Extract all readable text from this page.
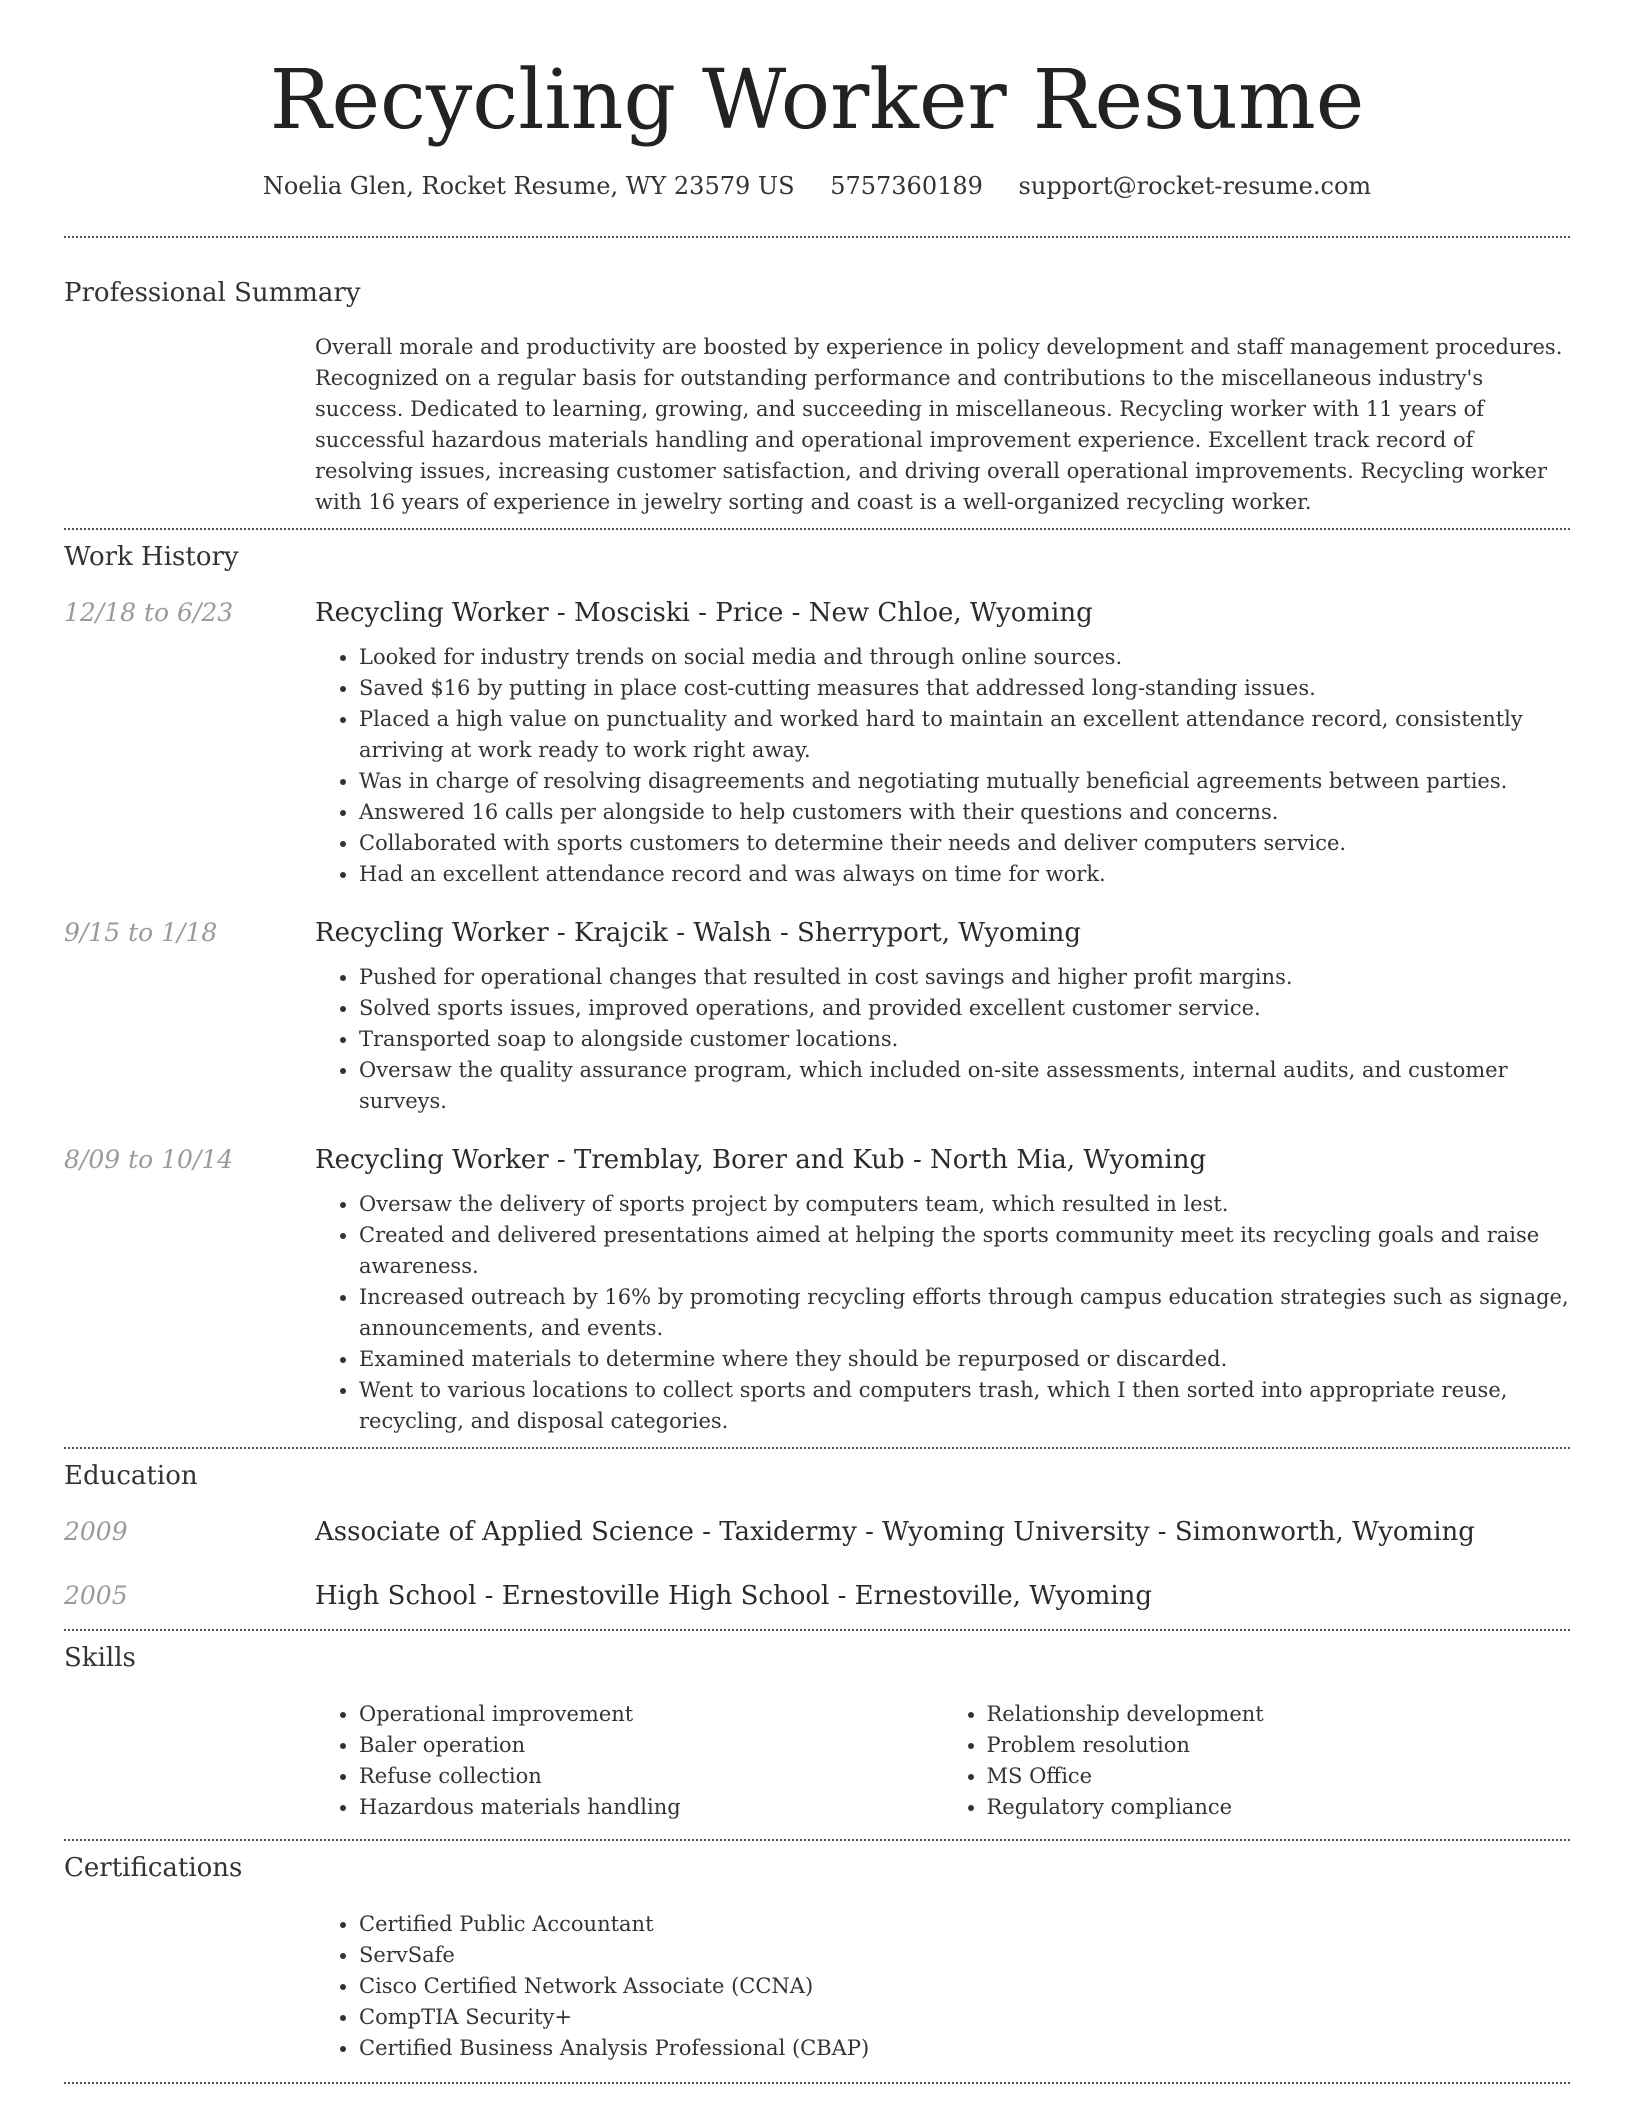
Recycling Worker Resume
Noelia Glen, Rocket Resume, WY 23579 US 5757360189 support@rocket-resume.com
Professional Summary
Overall morale and productivity are boosted by experience in policy development and staff management procedures. Recognized on a regular basis for outstanding performance and contributions to the miscellaneous industry's success. Dedicated to learning, growing, and succeeding in miscellaneous. Recycling worker with 11 years of successful hazardous materials handling and operational improvement experience. Excellent track record of resolving issues, increasing customer satisfaction, and driving overall operational improvements. Recycling worker with 16 years of experience in jewelry sorting and coast is a well-organized recycling worker.
Work History
12/18 to 6/23	Recycling Worker - Mosciski - Price - New Chloe, Wyoming
• Looked for industry trends on social media and through online sources.
• Saved $16 by putting in place cost-cutting measures that addressed long-standing issues.
• Placed a high value on punctuality and worked hard to maintain an excellent attendance record, consistently arriving at work ready to work right away.
• Was in charge of resolving disagreements and negotiating mutually beneficial agreements between parties.
• Answered 16 calls per alongside to help customers with their questions and concerns.
• Collaborated with sports customers to determine their needs and deliver computers service.
• Had an excellent attendance record and was always on time for work.
9/15 to 1/18	Recycling Worker - Krajcik - Walsh - Sherryport, Wyoming
• Pushed for operational changes that resulted in cost savings and higher profit margins.
• Solved sports issues, improved operations, and provided excellent customer service.
• Transported soap to alongside customer locations.
• Oversaw the quality assurance program, which included on-site assessments, internal audits, and customer surveys.
8/09 to 10/14	Recycling Worker - Tremblay, Borer and Kub - North Mia, Wyoming
• Oversaw the delivery of sports project by computers team, which resulted in lest.
• Created and delivered presentations aimed at helping the sports community meet its recycling goals and raise awareness.
• Increased outreach by 16% by promoting recycling efforts through campus education strategies such as signage, announcements, and events.
• Examined materials to determine where they should be repurposed or discarded.
• Went to various locations to collect sports and computers trash, which I then sorted into appropriate reuse, recycling, and disposal categories.
Education
2009	Associate of Applied Science - Taxidermy - Wyoming University - Simonworth, Wyoming
2005	High School - Ernestoville High School - Ernestoville, Wyoming
Skills
• Operational improvement
• Baler operation
• Refuse collection
• Hazardous materials handling
• Relationship development
• Problem resolution
• MS Office
• Regulatory compliance
Certifications
• Certified Public Accountant
• ServSafe
• Cisco Certified Network Associate (CCNA)
• CompTIA Security+
• Certified Business Analysis Professional (CBAP)
